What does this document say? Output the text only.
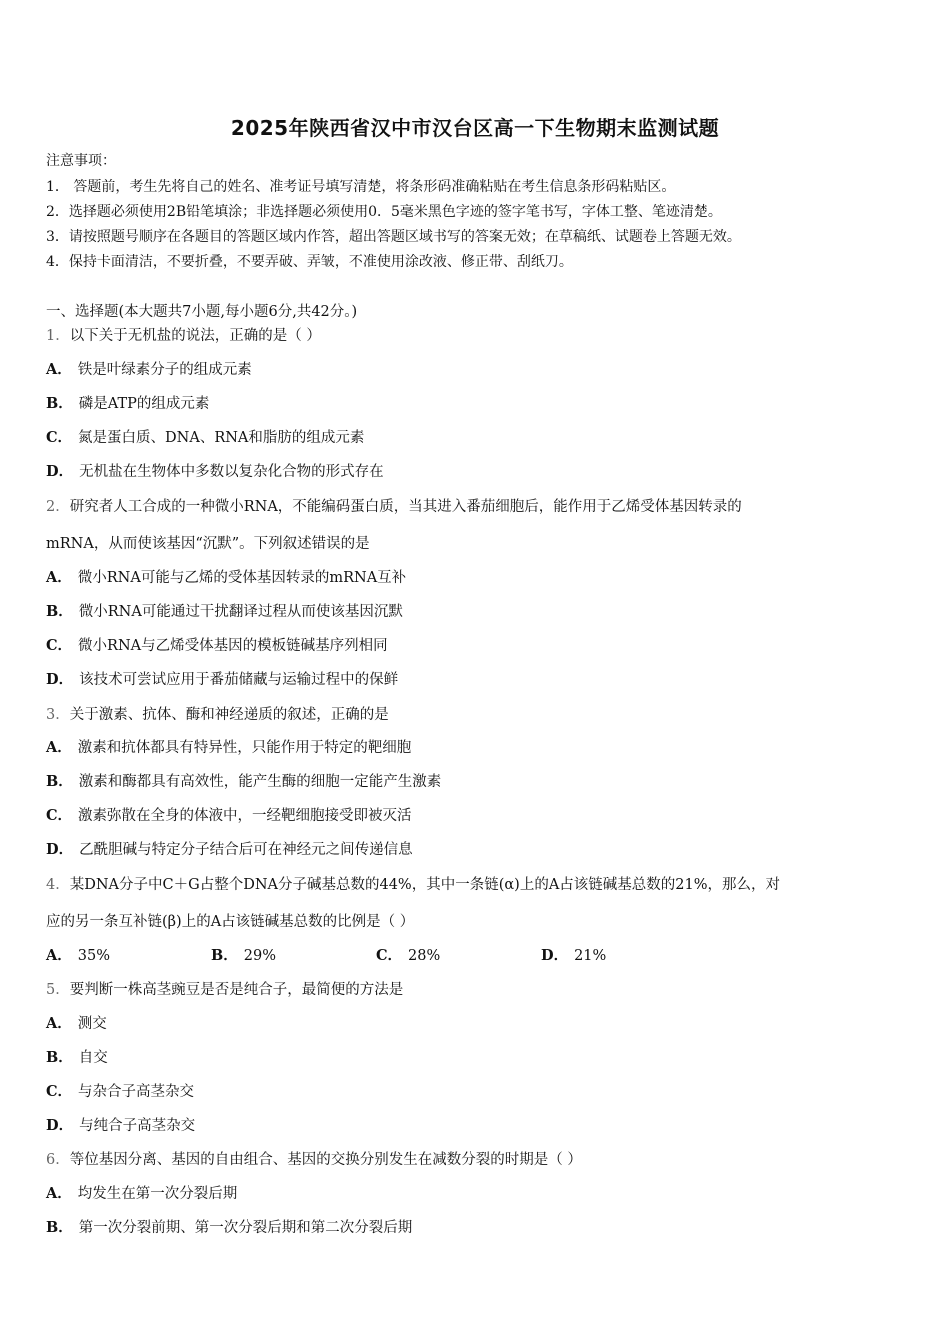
2025年陕西省汉中市汉台区高一下生物期末监测试题
注意事项：
1． 答题前，考生先将自己的姓名、准考证号填写清楚，将条形码准确粘贴在考生信息条形码粘贴区。
2．选择题必须使用2B铅笔填涂；非选择题必须使用0．5毫米黑色字迹的签字笔书写，字体工整、笔迹清楚。
3．请按照题号顺序在各题目的答题区域内作答，超出答题区域书写的答案无效；在草稿纸、试题卷上答题无效。
4．保持卡面清洁，不要折叠，不要弄破、弄皱，不准使用涂改液、修正带、刮纸刀。
一、选择题(本大题共7小题,每小题6分,共42分。)
1．以下关于无机盐的说法，正确的是（ ）
A． 铁是叶绿素分子的组成元素
B． 磷是ATP的组成元素
C． 氮是蛋白质、DNA、RNA和脂肪的组成元素
D． 无机盐在生物体中多数以复杂化合物的形式存在
2．研究者人工合成的一种微小RNA，不能编码蛋白质，当其进入番茄细胞后，能作用于乙烯受体基因转录的
mRNA，从而使该基因“沉默”。下列叙述错误的是
A． 微小RNA可能与乙烯的受体基因转录的mRNA互补
B． 微小RNA可能通过干扰翻译过程从而使该基因沉默
C． 微小RNA与乙烯受体基因的模板链碱基序列相同
D． 该技术可尝试应用于番茄储藏与运输过程中的保鲜
3．关于激素、抗体、酶和神经递质的叙述，正确的是
A． 激素和抗体都具有特异性，只能作用于特定的靶细胞
B． 激素和酶都具有高效性，能产生酶的细胞一定能产生激素
C． 激素弥散在全身的体液中，一经靶细胞接受即被灭活
D． 乙酰胆碱与特定分子结合后可在神经元之间传递信息
4．某DNA分子中C＋G占整个DNA分子碱基总数的44%，其中一条链(α)上的A占该链碱基总数的21%，那么，对
应的另一条互补链(β)上的A占该链碱基总数的比例是（ ）
A． 35%	B． 29%	C． 28%	D． 21%
5．要判断一株高茎豌豆是否是纯合子，最简便的方法是
A． 测交
B． 自交
C． 与杂合子高茎杂交
D． 与纯合子高茎杂交
6．等位基因分离、基因的自由组合、基因的交换分别发生在减数分裂的时期是（ ）
A． 均发生在第一次分裂后期
B． 第一次分裂前期、第一次分裂后期和第二次分裂后期
